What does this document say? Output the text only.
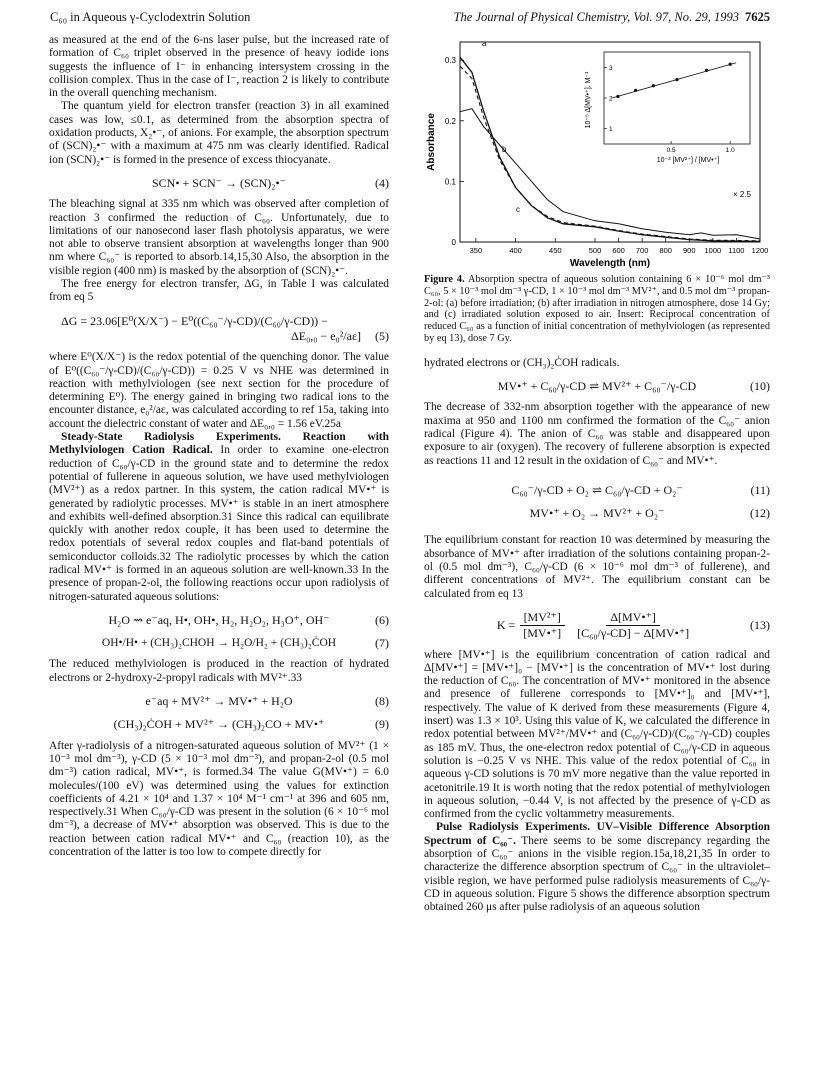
C₆₀ in Aqueous γ-Cyclodextrin Solution	The Journal of Physical Chemistry, Vol. 97, No. 29, 1993 7625

as measured at the end of the 6-ns laser pulse, but the increased rate of formation of C₆₀ triplet observed in the presence of heavy iodide ions suggests the influence of I⁻ in enhancing intersystem crossing in the collision complex. Thus in the case of I⁻, reaction 2 is likely to contribute in the overall quenching mechanism.

The quantum yield for electron transfer (reaction 3) in all examined cases was low, ≤0.1, as determined from the absorption spectra of oxidation products, X₂•⁻, of anions. For example, the absorption spectrum of (SCN)₂•⁻ with a maximum at 475 nm was clearly identified. Radical ion (SCN)₂•⁻ is formed in the presence of excess thiocyanate.

SCN• + SCN⁻ → (SCN)₂•⁻	(4)

The bleaching signal at 335 nm which was observed after completion of reaction 3 confirmed the reduction of C₆₀. Unfortunately, due to limitations of our nanosecond laser flash photolysis apparatus, we were not able to observe transient absorption at wavelengths longer than 900 nm where C₆₀⁻ is reported to absorb.14,15,30 Also, the absorption in the visible region (400 nm) is masked by the absorption of (SCN)₂•⁻.

The free energy for electron transfer, ΔG, in Table I was calculated from eq 5

ΔG = 23.06[E⁰(X/X⁻) − E⁰((C₆₀⁻/γ-CD)/(C₆₀/γ-CD)) −
ΔE₀,₀ − e₀²/aε] (5)

where E⁰(X/X⁻) is the redox potential of the quenching donor. The value of E⁰((C₆₀⁻/γ-CD)/(C₆₀/γ-CD)) = 0.25 V vs NHE was determined in reaction with methylviologen (see next section for the procedure of determining E⁰). The energy gained in bringing two radical ions to the encounter distance, e₀²/aε, was calculated according to ref 15a, taking into account the dielectric constant of water and ΔE₀,₀ = 1.56 eV.25a

Steady-State Radiolysis Experiments. Reaction with Methylviologen Cation Radical. In order to examine one-electron reduction of C₆₀/γ-CD in the ground state and to determine the redox potential of fullerene in aqueous solution, we have used methylviologen (MV²⁺) as a redox partner. In this system, the cation radical MV•⁺ is generated by radiolytic processes. MV•⁺ is stable in an inert atmosphere and exhibits well-defined absorption.31 Since this radical can equilibrate quickly with another redox couple, it has been used to determine the redox potentials of several redox couples and flat-band potentials of semiconductor colloids.32 The radiolytic processes by which the cation radical MV•⁺ is formed in an aqueous solution are well-known.33 In the presence of propan-2-ol, the following reactions occur upon radiolysis of nitrogen-saturated aqueous solutions:

H₂O ⇝ e⁻aq, H•, OH•, H₂, H₂O₂, H₃O⁺, OH⁻	(6)
OH•/H• + (CH₃)₂CHOH → H₂O/H₂ + (CH₃)₂ĊOH	(7)

The reduced methylviologen is produced in the reaction of hydrated electrons or 2-hydroxy-2-propyl radicals with MV²⁺.33

e⁻aq + MV²⁺ → MV•⁺ + H₂O	(8)
(CH₃)₂ĊOH + MV²⁺ → (CH₃)₂CO + MV•⁺	(9)

After γ-radiolysis of a nitrogen-saturated aqueous solution of MV²⁺ (1 × 10⁻³ mol dm⁻³), γ-CD (5 × 10⁻³ mol dm⁻³), and propan-2-ol (0.5 mol dm⁻³) cation radical, MV•⁺, is formed.34 The value G(MV•⁺) = 6.0 molecules/(100 eV) was determined using the values for extinction coefficients of 4.21 × 10⁴ and 1.37 × 10⁴ M⁻¹ cm⁻¹ at 396 and 605 nm, respectively.31 When C₆₀/γ-CD was present in the solution (6 × 10⁻⁶ mol dm⁻³), a decrease of MV•⁺ absorption was observed. This is due to the reaction between cation radical MV•⁺ and C₆₀ (reaction 10), as the concentration of the latter is too low to compete directly for

350	400	450	500 600 700 800 900 1000 1100 1200
0
0.1
0.2
0.3
Absorbance
Wavelength (nm)
× 2.5
a
b
c
0.5	1.0
1
2
3
10⁻⁵ Δ[MV•⁺], M⁻¹
10⁻³ [MV²⁺] / [MV•⁺]

Figure 4. Absorption spectra of aqueous solution containing 6 × 10⁻⁶ mol dm⁻³ C₆₀, 5 × 10⁻³ mol dm⁻³ γ-CD, 1 × 10⁻³ mol dm⁻³ MV²⁺, and 0.5 mol dm⁻³ propan-2-ol: (a) before irradiation; (b) after irradiation in nitrogen atmosphere, dose 14 Gy; and (c) irradiated solution exposed to air. Insert: Reciprocal concentration of reduced C₆₀ as a function of initial concentration of methylviologen (as represented by eq 13), dose 7 Gy.

hydrated electrons or (CH₃)₂ĊOH radicals.

MV•⁺ + C₆₀/γ-CD ⇌ MV²⁺ + C₆₀⁻/γ-CD	(10)

The decrease of 332-nm absorption together with the appearance of new maxima at 950 and 1100 nm confirmed the formation of the C₆₀⁻ anion radical (Figure 4). The anion of C₆₀ was stable and disappeared upon exposure to air (oxygen). The recovery of fullerene absorption is expected as reactions 11 and 12 result in the oxidation of C₆₀⁻ and MV•⁺.

C₆₀⁻/γ-CD + O₂ ⇌ C₆₀/γ-CD + O₂⁻	(11)
MV•⁺ + O₂ → MV²⁺ + O₂⁻	(12)

The equilibrium constant for reaction 10 was determined by measuring the absorbance of MV•⁺ after irradiation of the solutions containing propan-2-ol (0.5 mol dm⁻³), C₆₀/γ-CD (6 × 10⁻⁶ mol dm⁻³ of fullerene), and different concentrations of MV²⁺. The equilibrium constant can be calculated from eq 13

$K = \frac{\text{[MV²⁺]}}{[MV•^+]} \frac{\Delta[MV•^+]}{\text{[C₆₀/γ-CD] − Δ[MV•⁺]}}$	(13)

where [MV•⁺] is the equilibrium concentration of cation radical and Δ[MV•⁺] = [MV•⁺]₀ − [MV•⁺] is the concentration of MV•⁺ lost during the reduction of C₆₀. The concentration of MV•⁺ monitored in the absence and presence of fullerene corresponds to [MV•⁺]₀ and [MV•⁺], respectively. The value of K derived from these measurements (Figure 4, insert) was 1.3 × 10³. Using this value of K, we calculated the difference in redox potential between MV²⁺/MV•⁺ and (C₆₀/γ-CD)/(C₆₀⁻/γ-CD) couples as 185 mV. Thus, the one-electron redox potential of C₆₀/γ-CD in aqueous solution is −0.25 V vs NHE. This value of the redox potential of C₆₀ in aqueous γ-CD solutions is 70 mV more negative than the value reported in acetonitrile.19 It is worth noting that the redox potential of methylviologen in aqueous solution, −0.44 V, is not affected by the presence of γ-CD as confirmed from the cyclic voltammetry measurements.

Pulse Radiolysis Experiments. UV–Visible Difference Absorption Spectrum of C₆₀⁻. There seems to be some discrepancy regarding the absorption of C₆₀⁻ anions in the visible region.15a,18,21,35 In order to characterize the difference absorption spectrum of C₆₀⁻ in the ultraviolet–visible region, we have performed pulse radiolysis measurements of C₆₀/γ-CD in aqueous solution. Figure 5 shows the difference absorption spectrum obtained 260 μs after pulse radiolysis of an aqueous solution
